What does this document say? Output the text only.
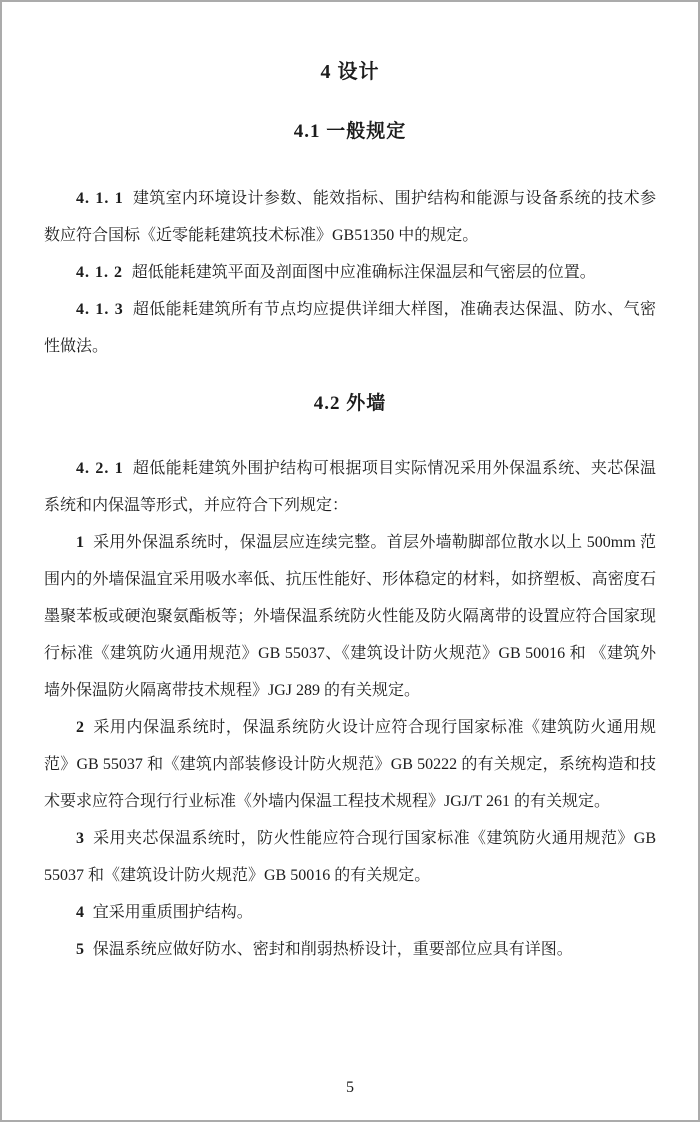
4 设计
4.1 一般规定

4. 1. 1 建筑室内环境设计参数、能效指标、围护结构和能源与设备系统的技术参数应符合国标《近零能耗建筑技术标准》GB51350 中的规定。

4. 1. 2 超低能耗建筑平面及剖面图中应准确标注保温层和气密层的位置。

4. 1. 3 超低能耗建筑所有节点均应提供详细大样图，准确表达保温、防水、气密性做法。

4.2 外墙

4. 2. 1 超低能耗建筑外围护结构可根据项目实际情况采用外保温系统、夹芯保温系统和内保温等形式，并应符合下列规定：

1 采用外保温系统时，保温层应连续完整。首层外墙勒脚部位散水以上 500mm 范围内的外墙保温宜采用吸水率低、抗压性能好、形体稳定的材料，如挤塑板、高密度石墨聚苯板或硬泡聚氨酯板等；外墙保温系统防火性能及防火隔离带的设置应符合国家现行标准《建筑防火通用规范》GB 55037、《建筑设计防火规范》GB 50016 和 《建筑外墙外保温防火隔离带技术规程》JGJ 289 的有关规定。

2 采用内保温系统时，保温系统防火设计应符合现行国家标准《建筑防火通用规范》GB 55037 和《建筑内部装修设计防火规范》GB 50222 的有关规定，系统构造和技术要求应符合现行行业标准《外墙内保温工程技术规程》JGJ/T 261 的有关规定。

3 采用夹芯保温系统时，防火性能应符合现行国家标准《建筑防火通用规范》GB 55037 和《建筑设计防火规范》GB 50016 的有关规定。

4 宜采用重质围护结构。

5 保温系统应做好防水、密封和削弱热桥设计，重要部位应具有详图。

5
